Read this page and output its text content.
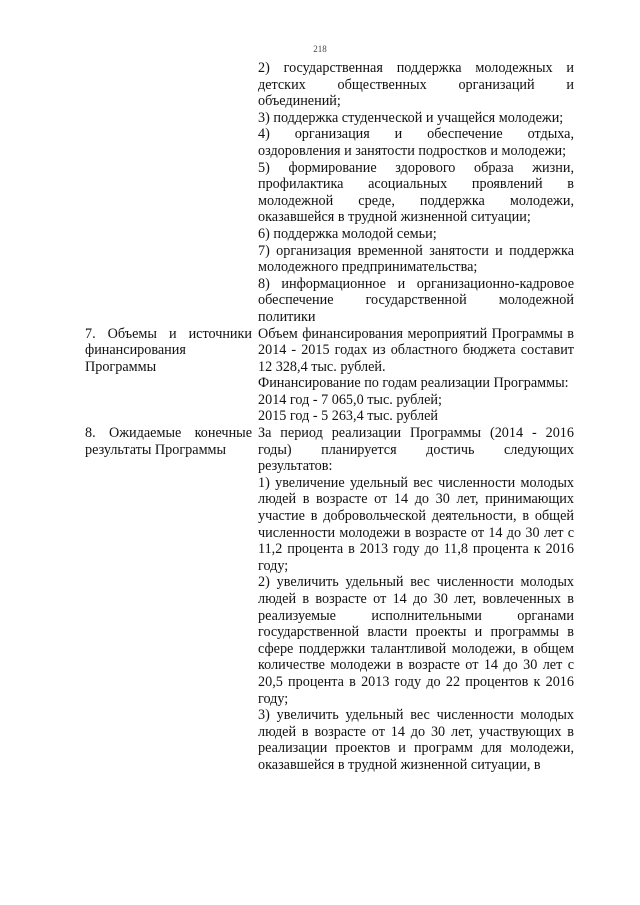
218

2) государственная поддержка молодежных и детских общественных организаций и объединений;

3) поддержка студенческой и учащейся молодежи;

4) организация и обеспечение отдыха, оздоровления и занятости подростков и молодежи;

5) формирование здорового образа жизни, профилактика асоциальных проявлений в молодежной среде, поддержка молодежи, оказавшейся в трудной жизненной ситуации;

6) поддержка молодой семьи;

7) организация временной занятости и поддержка молодежного предпринимательства;

8) информационное и организационно-кадровое обеспечение государственной молодежной политики

7. Объемы и источники финансирования Программы

Объем финансирования мероприятий Программы в 2014 - 2015 годах из областного бюджета составит 12 328,4 тыс. рублей.

Финансирование по годам реализации Программы:

2014 год - 7 065,0 тыс. рублей;

2015 год - 5 263,4 тыс. рублей

8. Ожидаемые конечные результаты Программы

За период реализации Программы (2014 - 2016 годы) планируется достичь следующих результатов:

1) увеличение удельный вес численности молодых людей в возрасте от 14 до 30 лет, принимающих участие в добровольческой деятельности, в общей численности молодежи в возрасте от 14 до 30 лет с 11,2 процента в 2013 году до 11,8 процента к 2016 году;

2) увеличить удельный вес численности молодых людей в возрасте от 14 до 30 лет, вовлеченных в реализуемые исполнительными органами государственной власти проекты и программы в сфере поддержки талантливой молодежи, в общем количестве молодежи в возрасте от 14 до 30 лет с 20,5 процента в 2013 году до 22 процентов к 2016 году;

3) увеличить удельный вес численности молодых людей в возрасте от 14 до 30 лет, участвующих в реализации проектов и программ для молодежи, оказавшейся в трудной жизненной ситуации, в
